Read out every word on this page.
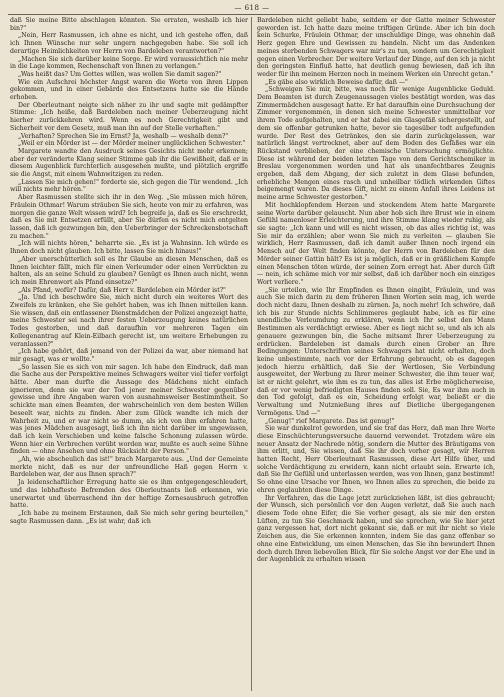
— 618 —

daß Sie meine Bitte abschlagen könnten. Sie erraten, weshalb ich hier bin?"

„Nein, Herr Rasmussen, ich ahne es nicht, und ich gestehe offen, daß ich Ihnen Wünsche nur sehr ungern nachgegeben habe. Sie soll ich derartige Heimlichkeiten vor Herrn von Bardeleben verantworten?"

„Machen Sie sich darüber keine Sorge. Er wird voraussichtlich nie mehr in die Lage kommen, Rechenschaft von Ihnen zu verlangen."

„Was heißt das? Um Gottes willen, was wollen Sie damit sagen?"

Wie ein Aufschrei höchster Angst waren die Worte von ihren Lippen gekommen, und in einer Gebärde des Entsetzens hatte sie die Hände erhoben.

Der Oberleutnant neigte sich näher zu ihr und sagte mit gedämpfter Stimme: „Ich heiße, daß Bardeleben nach meiner Ueberzeugung nicht hierher zurückkehren wird. Wenn es noch Gerechtigkeit gibt und Sicherheit vor dem Gesetz, muß man ihn auf der Stelle verhaften."

„Verhaften? Sprechen Sie im Ernst? Ja, weshalb — weshalb denn?"

„Weil er ein Mörder ist — der Mörder meiner unglücklichen Schwester."

Margarete wandte den Ausdruck seines Gesichts nicht mehr erkennen; aber der veränderte Klang seiner Stimme gab ihr die Gewißheit, daß er in diesem Augenblick furchterlich ausgesehen mußte, und plötzlich ergriffe sie die Angst, mit einem Wahnwitzigen zu reden.

„Lassen Sie mich gehen!" forderte sie, sich gegen die Tür wendend. „Ich will nichts mehr hören."

Aber Rasmussen stellte sich ihr in den Weg. „Sie müssen mich hören, Fräulein Othmar! Warum sträuben Sie sich, heute von mir zu erfahren, was morgen die ganze Welt wissen wird? Ich begreife ja, daß es Sie erschreckt, daß es Sie mit Entsetzen erfüllt, aber Sie dürfen es nicht mich entgelten lassen, daß ich gezwungen bin, den Ueberbringer der Schreckensbotschaft zu machen."

„Ich will nichts hören," beharrte sie. „Es ist ja Wahnsinn. Ich würde es Ihnen doch nicht glauben. Ich bitte, lassen Sie mich hinaus!"

„Aber unerschütterlich soll es Ihr Glaube an diesen Menschen, daß es Ihnen leichter fällt, mich für einen Verleumder oder einen Verrückten zu halten, als an seine Schuld zu glauben? Genügt es Ihnen auch nicht, wenn ich mein Ehrenwort als Pfand einsetze?"

„Als Pfand, wofür? Dafür, daß Herr v. Bardeleben ein Mörder ist?"

„Ja. Und ich beschwöre Sie, mich nicht durch ein weiteres Wort des Zweifels zu kränken, ehe Sie gehört haben, was ich Ihnen mitteilen kann. Sie wissen, daß ein entlassener Dienstmädchen der Polizei angezeigt hatte, meine Schwester sei nach ihrer festen Ueberzeugung keines natürlichen Todes gestorben, und daß daraufhin vor mehreren Tagen ein Kollegenantrag auf Klein-Eilbach gerecht ist, um weitere Erhebungen zu veranlassen?"

„Ich habe gehört, daß jemand von der Polizei da war, aber niemand hat mir gesagt, was er wollte."

„So lassen Sie es sich von mir sagen. Ich habe den Eindruck, daß man die Sache aus der Perspektive meines Schwagers weiter viel tiefer verfolgt hätte. Aber man durfte die Aussage des Mädchens nicht einfach ignorieren, denn sie war der Tod jener meiner Schwester gegenüber gewisse und ihre Angaben waren von ausnahmsweiser Bestimmtheit. So schickte man einen Beamten, der wahrscheinlich von dem besten Willen beseelt war, nichts zu finden. Aber zum Glück wandte ich mich der Wahrheit zu, und er war nicht so dumm, als ich von ihm erfahren hatte, was jenes Mädchen ausgesagt, ließ ich ihn nicht darüber im ungewissen, daß ich kein Verschieben und keine falsche Schonung zulassen würde. Wenn hier ein Verbrechen verübt worden war, mußte es auch seine Sühne finden — ohne Ansehen und ohne Rücksicht der Person."

„Ah, wie abscheulich das ist!" brach Margarete aus. „Und der Gemeinte merkte nicht, daß es nur der unfreundliche Haß gegen Herrn v. Bardeleben war, der aus Ihnen sprach?"

Ja leidenschaftlicher Erregung hatte sie es ihm entgegengeschleudert, und das lebhafteste Befremden des Oberleutnants ließ erkennen, wie unerwartet und überraschend ihn der heftige Zornesausbruch getroffen hatte.

„Ich habe zu meinem Erstaunen, daß Sie mich sehr gering beurteilen," sagte Rasmussen dann. „Es ist wahr, daß ich

Bardeleben nicht geliebt habe, seitdem er der Gatte meiner Schwester geworden ist. Ich hatte dazu meine triftigen Gründe. Aber ich bin doch kein Schurke, Fräulein Othmar, der unschuldige Dinge, was ohnehin daß Herz gegen Ehre und Gewissen zu handeln. Nicht um das Andenken meines sterbenden Schwagers war mir's zu tun, sondern um Gerechtigkeit gegen einen Verbrecher. Der weitere Verlauf der Dinge, auf den ich ja nicht den geringsten Einfluß hatte, hat deutlich genug bewiesen, daß ich ihn weder für ihn meinem Herzen noch in meinem Werken ein Unrecht getan."

„Es gäbe also wirklich Beweise dafür, daß —"

„Schweigen Sie mir, bitte, was noch für wenige Augenblicke Geduld. Dem Beamten ist durch Zeugenaussagen vieles bestätigt worden, was das Zimmermädchen ausgesagt hatte. Er hat daraufhin eine Durchsuchung der Zimmer vorgenommen, in denen sich meine Schwester unmittelbar vor ihrem Tode aufgehalten, und er hat dabei ein Glasgefäß sichergestellt, auf dem sie offenbar getrunken hatte, bevor sie tagesüber todt aufgefunden wurde. Der Rest des Getränkes, den sie darin zurückgelassen, war natürlich längst vertrocknet, aber auf dem Boden des Gefäßes war ein Rückstand verblieben, der eine chemische Untersuchung ermöglichte. Diese ist während der beiden letzten Tage von dem Gerichtschemiker in Breslau vorgenommen worden und hat als unanfechtbares Zeugnis ergeben, daß dem Abgang, der sich zuletzt in dem Glase befunden, erhebliche Mengen eines rasch und unheilbar tödlich wirkenden Giftes beigemengt waren. Da dieses Gift, nicht zu einem Anfall ihres Leidens ist meine arme Schwester gestorben."

Mit hochklopfendem Herzen und stockendem Atem hatte Margarete seine Worte darüber gelauscht. Nun aber hob sich ihre Brust wie in einem Gefühl namenloser Erleichterung, und ihre Stimme klang wieder ruhig, als sie sagte: „Ich kann und will es nicht wissen, ob das alles richtig ist, was Sie mir da erzählen; aber wenn Sie mich zu verleiten — glauben Sie wirklich, Herr Rasmussen, daß ich damit außer Ihnen noch irgend ein Mensch auf der Welt finden könnte, der Herrn von Bardeleben für den Mörder seiner Gattin hält? Es ist ja möglich, daß er in gräßlichem Kampfe einen Menschen töten würde, der seinen Zorn erregt hat. Aber durch Gift — nein, ich schäme mich vor mir selbst, daß ich darüber noch ein einziges Wort verliere."

„Sie urteilen, wie Ihr Empfinden es Ihnen eingibt, Fräulein, und was auch Sie mich darin zu dem früheren Ihnen Worten sein mag, ich werde doch nicht dazu, Ihnen deshalb zu zürnen. Ja, noch mehr! Ich schwöre, daß ich bis zur Stunde nichts Schlimmeres geglaubt habe, ich es für eine unendliche Verleumdung zu erklären, wenn ich Ihr selbst den Mann Bestimmen als verdächtigt erwiese. Aber es liegt nicht so, und als ich als genauere gezwungen bin, die Sache mitsamt Ihrer Ueberzeugung zu erdrücken. Bardeleben ist damals durch einen Grober an Ihre Bedingungen: Unterschriften seines Schwagers hat nicht erhalten, doch keine unbestimmte, nach vor der Erfahrung gebraucht, ob es dagegen jedoch hierzu erhältlich, daß Sie der Wertlosen, Sie Verbindung ausgeweitet, der Werbung zu Ihrer meiner Schwester, die ihm teuer war, ist er nicht gelehrt, wie ihm es zu tun, das alles ist Erbe möglicherweise, daß er vor wenig befriedigten Hauses finden soll. Sie, Es war ihm auch in den Tod gefolgt, daß es ein, Scheidung erfolgt war, beließt er die Verwaltung und Nutznießung ihres auf Dietliche übergegangenen Vermögens. Und —"

„Genug!" rief Margarete. Das ist genug!"

Sie war dunkelrot geworden, und sie traf das Herz, daß man Ihre Worte diese Einschüchterungsversuche dauernd verwendet. Trotzdem wäre ein neuer Ansatz der Nachrede nötig, sondern die Mutter des Bräutigams von ihm erlitt, und, Sie wissen, daß Sie ihr doch vorher gesagt, wir Herren hatten Recht, Herr Oberleutnant Rasmussen, diese Art Hilfe über, und solche Verdächtigung zu erwidern, kann nicht erlaubt sein. Erwarte ich, daß Sie Ihr Gefühl und unterlassen werden, was von Ihnen, ganz bestimmt! So ohne eine Ursache vor Ihnen, wo Ihnen alles zu sprechen, die beide zu ehren geglaubten diese Dinge.

Ihr Verfahren, das die Lage jetzt zurückziehen läßt, ist dies gebraucht; der Wunsch, sich persönlich vor den Augen verletzt, daß Sie auch nach diesem Tode ohne Eifer, die Sie vorher gesagt, als sie mir den ersten Lüften, zu tun Sie Geschmack haben, und sie sprechen, wie Sie hier jetzt ganz vergessen hat, dort nicht gekannt sie, daß er mit ihr nicht so viele Zeichen aus, die Sie erkennen konnten, indem Sie das ganz offenbar so ohne eine Entwicklung, um einen Menschen, das Sie ihn bewundert Ihnen doch durch Ihren liebevollen Blick, für Sie solche Angst vor der Ehe und in der Augenblick zu erhalten wissen
